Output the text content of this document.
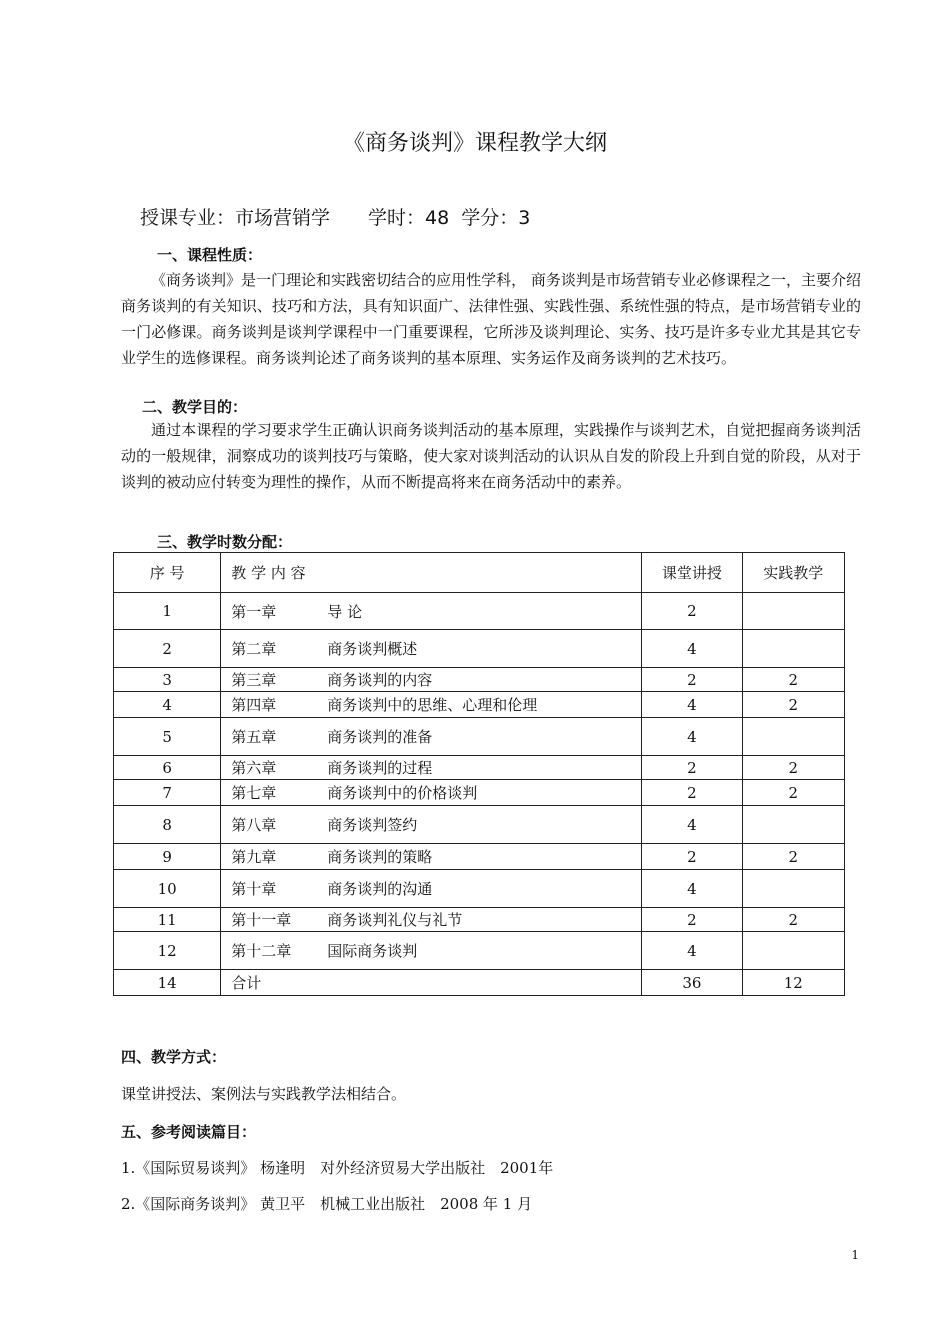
《商务谈判》课程教学大纲
授课专业：市场营销学 学时：48 学分：3
一、课程性质：
《商务谈判》是一门理论和实践密切结合的应用性学科， 商务谈判是市场营销专业必修课程之一，主要介绍商务谈判的有关知识、技巧和方法，具有知识面广、法律性强、实践性强、系统性强的特点，是市场营销专业的一门必修课。商务谈判是谈判学课程中一门重要课程，它所涉及谈判理论、实务、技巧是许多专业尤其是其它专业学生的选修课程。商务谈判论述了商务谈判的基本原理、实务运作及商务谈判的艺术技巧。
二、教学目的：
通过本课程的学习要求学生正确认识商务谈判活动的基本原理，实践操作与谈判艺术，自觉把握商务谈判活动的一般规律，洞察成功的谈判技巧与策略，使大家对谈判活动的认识从自发的阶段上升到自觉的阶段，从对于谈判的被动应付转变为理性的操作，从而不断提高将来在商务活动中的素养。
三、教学时数分配：
序 号	教 学 内 容	课堂讲授	实践教学
1	第一章 导 论	2	
2	第二章 商务谈判概述	4	
3	第三章 商务谈判的内容	2	2
4	第四章 商务谈判中的思维、心理和伦理	4	2
5	第五章 商务谈判的准备	4	
6	第六章 商务谈判的过程	2	2
7	第七章 商务谈判中的价格谈判	2	2
8	第八章 商务谈判签约	4	
9	第九章 商务谈判的策略	2	2
10	第十章 商务谈判的沟通	4	
11	第十一章 商务谈判礼仪与礼节	2	2
12	第十二章 国际商务谈判	4	
14	合计	36	12
四、教学方式：
课堂讲授法、案例法与实践教学法相结合。
五、参考阅读篇目：
1.《国际贸易谈判》 杨逢明　对外经济贸易大学出版社　2001年
2.《国际商务谈判》 黄卫平　机械工业出版社　2008 年 1 月
1
